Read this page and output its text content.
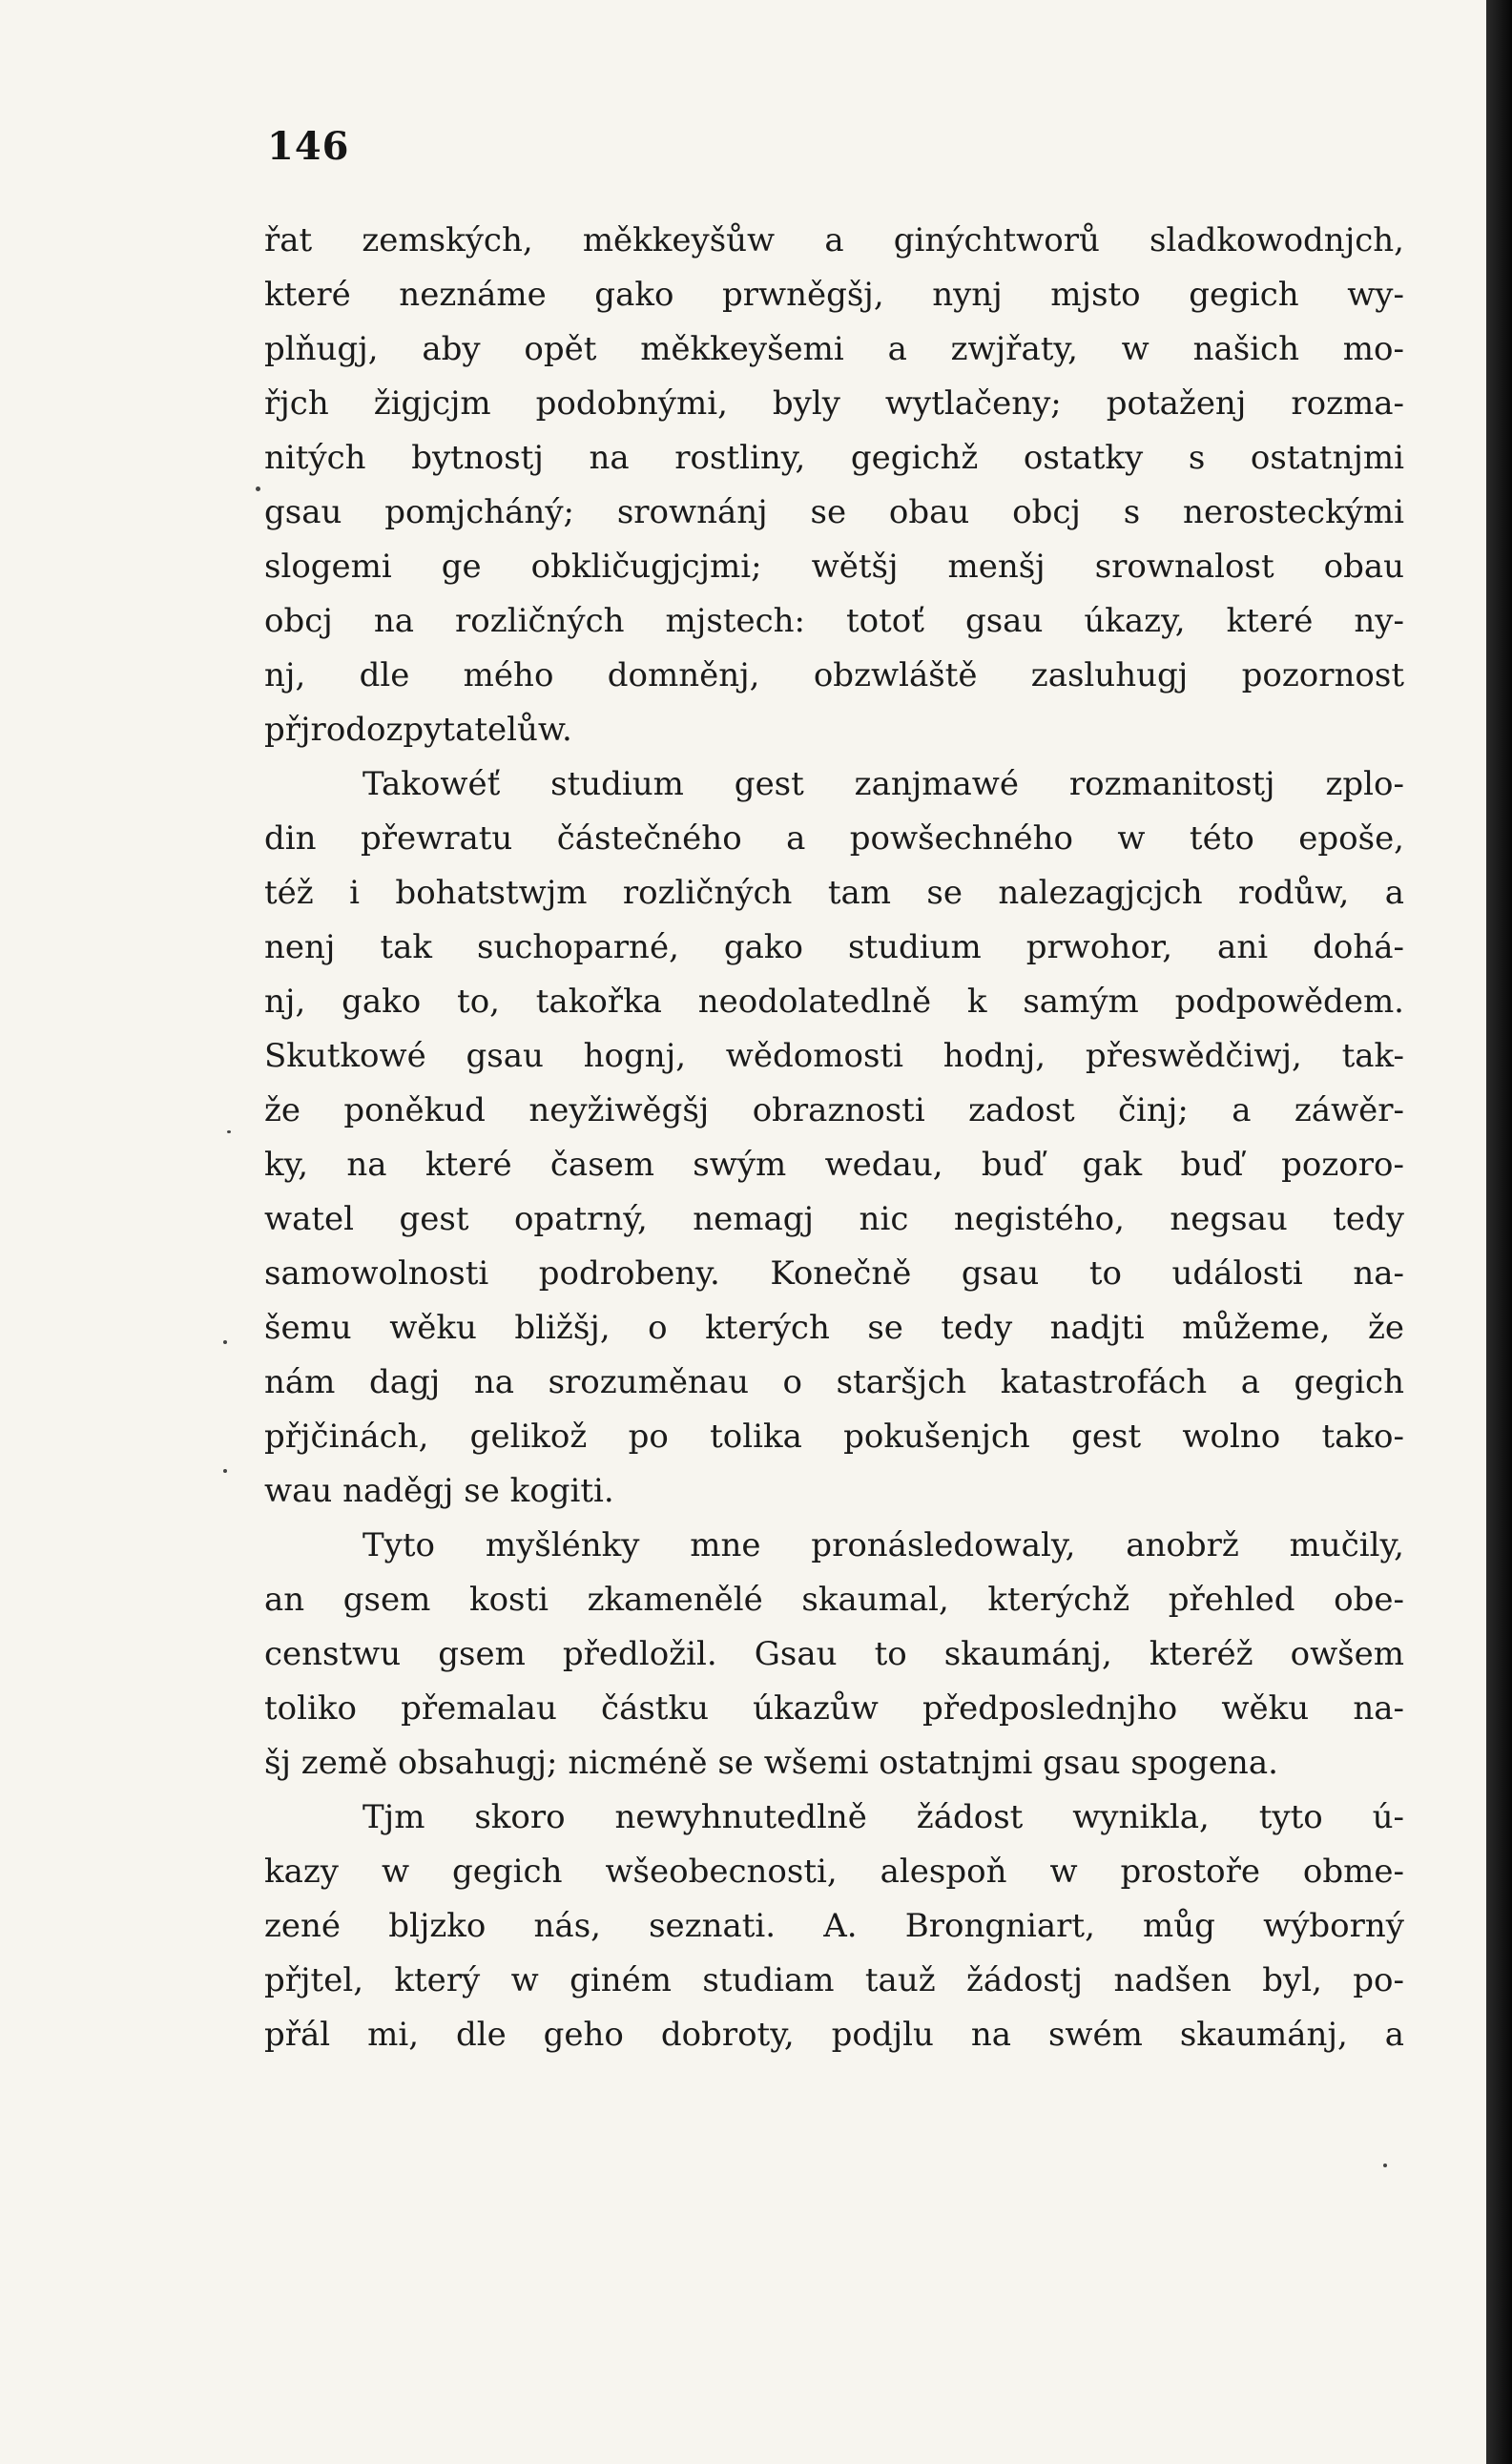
146
řat zemských, měkkeyšůw a ginýchtworů sladkowodnjch,
které neznáme gako prwněgšj, nynj mjsto gegich wy-
plňugj, aby opět měkkeyšemi a zwjřaty, w našich mo-
řjch žigjcjm podobnými, byly wytlačeny; potaženj rozma-
nitých bytnostj na rostliny, gegichž ostatky s ostatnjmi
gsau pomjcháný; srownánj se obau obcj s nerosteckými
slogemi ge obkličugjcjmi; wětšj menšj srownalost obau
obcj na rozličných mjstech: totoť gsau úkazy, které ny-
nj, dle mého domněnj, obzwláště zasluhugj pozornost
přjrodozpytatelůw.
Takowéť studium gest zanjmawé rozmanitostj zplo-
din přewratu částečného a powšechného w této epoše,
též i bohatstwjm rozličných tam se nalezagjcjch rodůw, a
nenj tak suchoparné, gako studium prwohor, ani dohá-
nj, gako to, takořka neodolatedlně k samým podpowědem.
Skutkowé gsau hognj, wědomosti hodnj, přeswědčiwj, tak-
že poněkud neyžiwěgšj obraznosti zadost činj; a záwěr-
ky, na které časem swým wedau, buď gak buď pozoro-
watel gest opatrný, nemagj nic negistého, negsau tedy
samowolnosti podrobeny. Konečně gsau to události na-
šemu wěku bližšj, o kterých se tedy nadjti můžeme, že
nám dagj na srozuměnau o staršjch katastrofách a gegich
přjčinách, gelikož po tolika pokušenjch gest wolno tako-
wau naděgj se kogiti.
Tyto myšlénky mne pronásledowaly, anobrž mučily,
an gsem kosti zkamenělé skaumal, kterýchž přehled obe-
censtwu gsem předložil. Gsau to skaumánj, kteréž owšem
toliko přemalau částku úkazůw předposlednjho wěku na-
šj země obsahugj; nicméně se wšemi ostatnjmi gsau spogena.
Tjm skoro newyhnutedlně žádost wynikla, tyto ú-
kazy w gegich wšeobecnosti, alespoň w prostoře obme-
zené bljzko nás, seznati. A. Brongniart, můg wýborný
přjtel, který w giném studiam tauž žádostj nadšen byl, po-
přál mi, dle geho dobroty, podjlu na swém skaumánj, a
